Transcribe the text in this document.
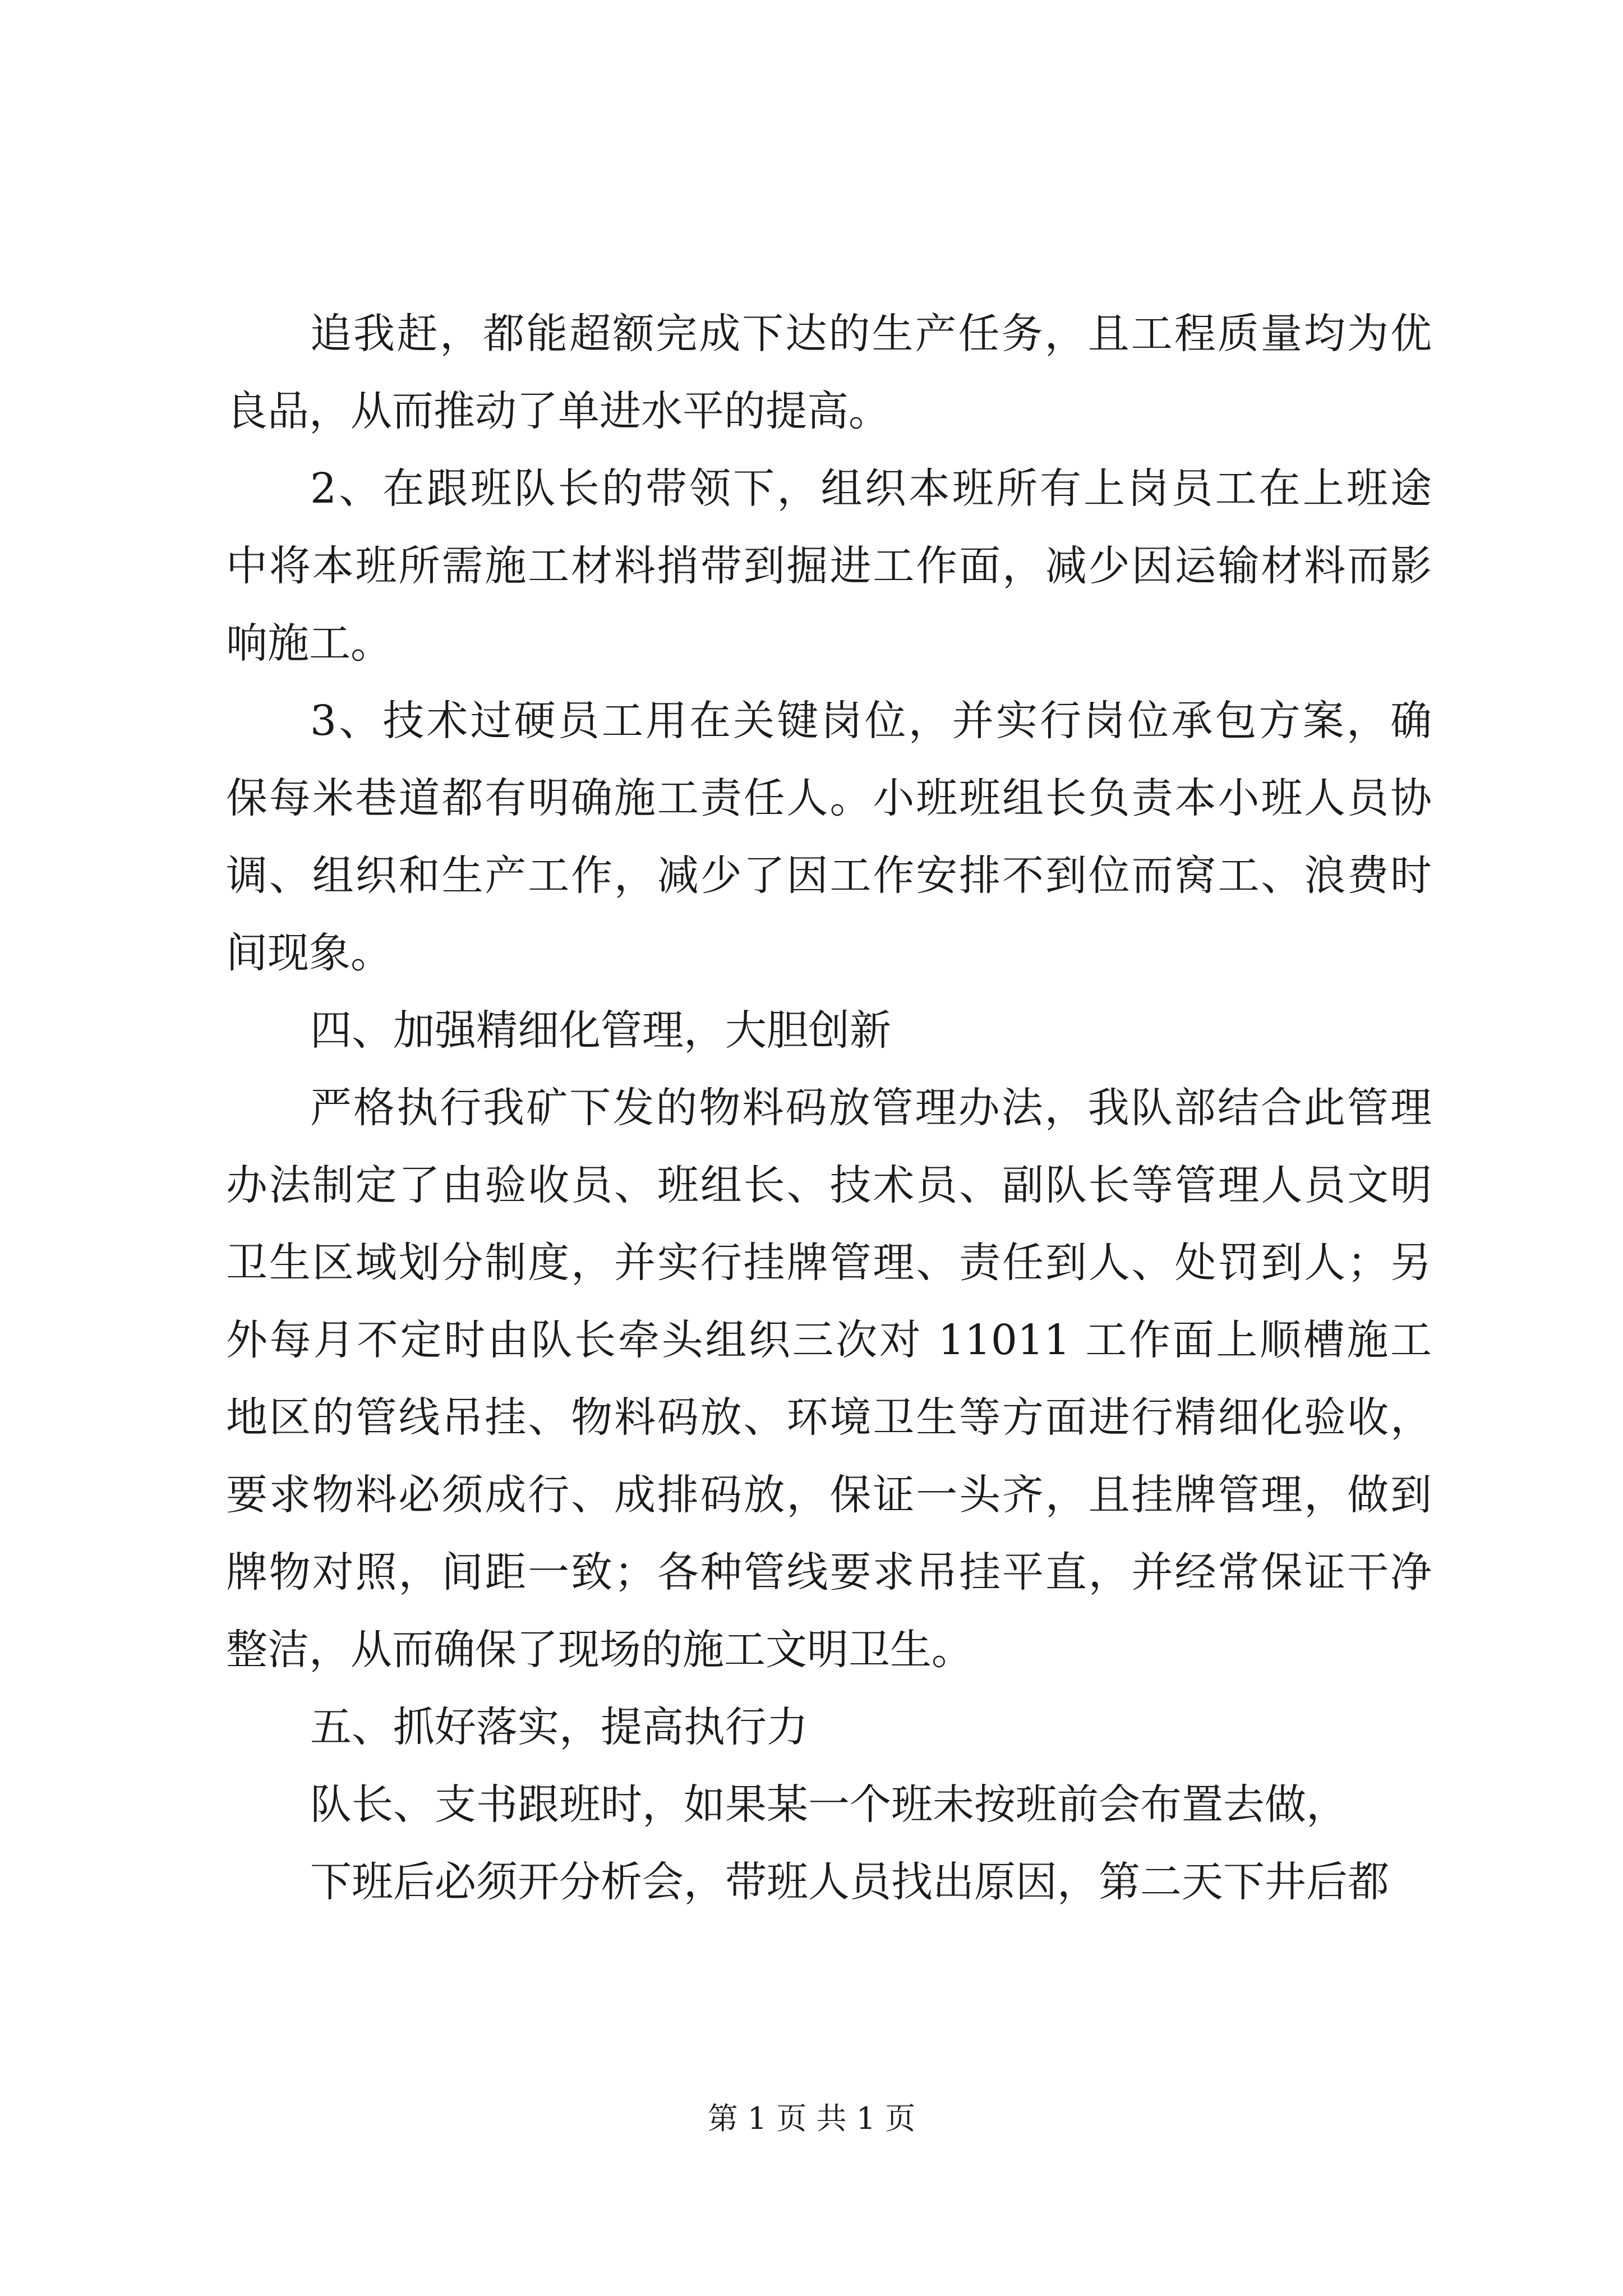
追我赶，都能超额完成下达的生产任务，且工程质量均为优
良品，从而推动了单进水平的提高。
2、在跟班队长的带领下，组织本班所有上岗员工在上班途
中将本班所需施工材料捎带到掘进工作面，减少因运输材料而影
响施工。
3、技术过硬员工用在关键岗位，并实行岗位承包方案，确
保每米巷道都有明确施工责任人。小班班组长负责本小班人员协
调、组织和生产工作，减少了因工作安排不到位而窝工、浪费时
间现象。
四、加强精细化管理，大胆创新
严格执行我矿下发的物料码放管理办法，我队部结合此管理
办法制定了由验收员、班组长、技术员、副队长等管理人员文明
卫生区域划分制度，并实行挂牌管理、责任到人、处罚到人；另
外每月不定时由队长牵头组织三次对 11011 工作面上顺槽施工
地区的管线吊挂、物料码放、环境卫生等方面进行精细化验收，
要求物料必须成行、成排码放，保证一头齐，且挂牌管理，做到
牌物对照，间距一致；各种管线要求吊挂平直，并经常保证干净
整洁，从而确保了现场的施工文明卫生。
五、抓好落实，提高执行力
队长、支书跟班时，如果某一个班未按班前会布置去做，
下班后必须开分析会，带班人员找出原因，第二天下井后都
第 1 页 共 1 页
